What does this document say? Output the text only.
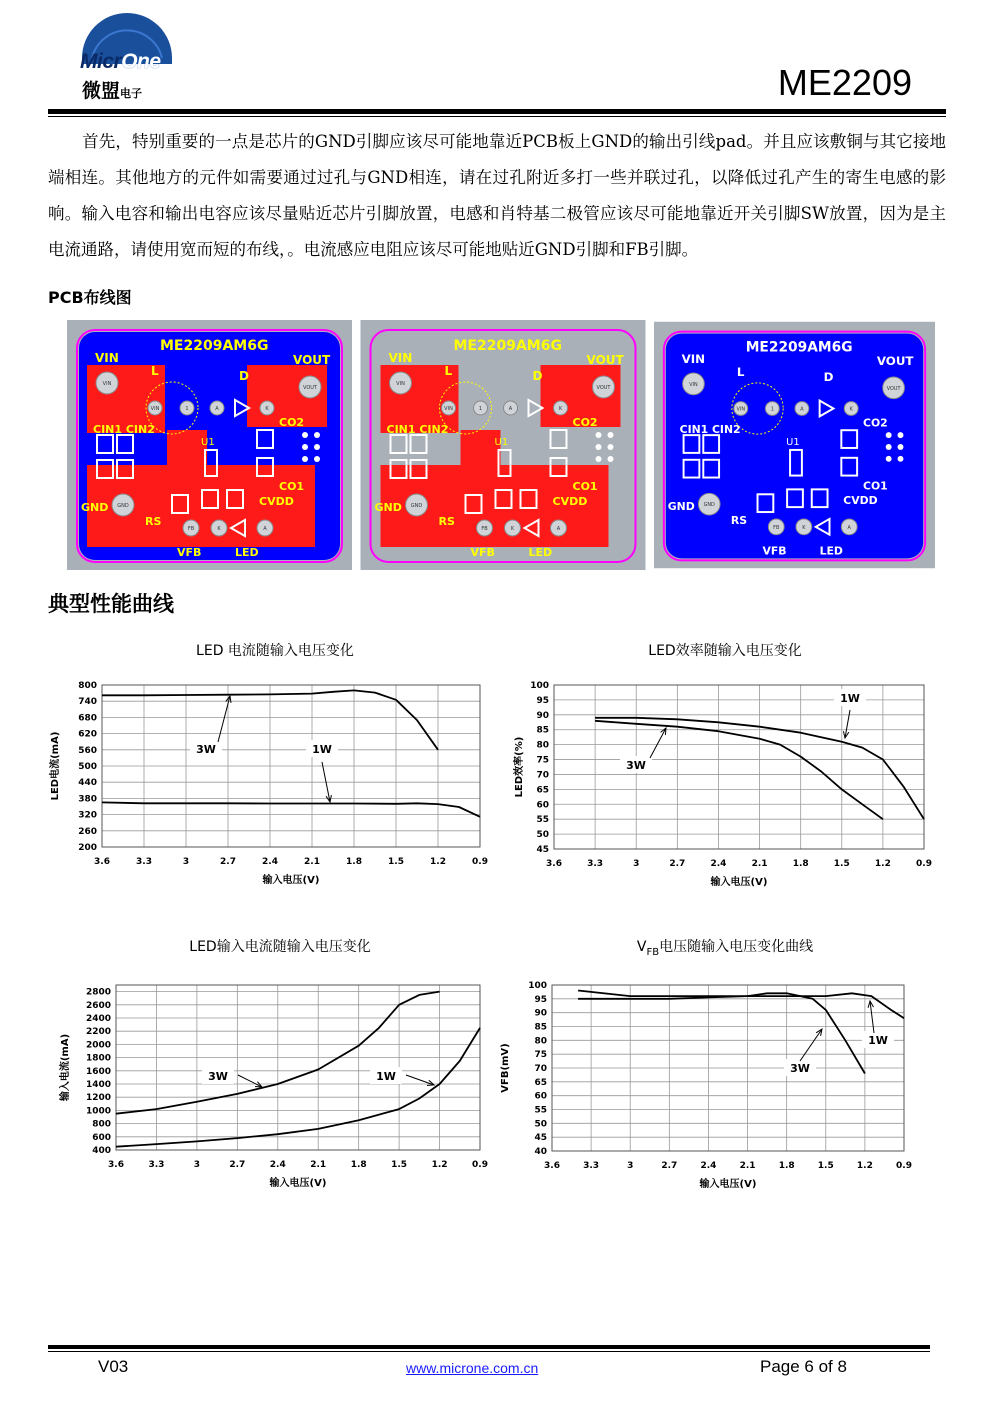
MicrOne
微盟电子	ME2209
首先，特别重要的一点是芯片的GND引脚应该尽可能地靠近PCB板上GND的输出引线pad。并且应该敷铜与其它接地端相连。其他地方的元件如需要通过过孔与GND相连，请在过孔附近多打一些并联过孔，以降低过孔产生的寄生电感的影响。输入电容和输出电容应该尽量贴近芯片引脚放置，电感和肖特基二极管应该尽可能地靠近开关引脚SW放置，因为是主电流通路，请使用宽而短的布线，。电流感应电阻应该尽可能地贴近GND引脚和FB引脚。
PCB布线图
ME2209AM6G
VIN	VOUT
L	D
CIN1 CIN2
CO2
CO1
U1
GND
RS
CVDD
VFB	LED
VIN
VOUT
GND
FB	K	A
VIN	1	A	K
ME2209AM6G
VIN	VOUT
L	D
CIN1 CIN2
CO2
CO1
U1
GND
RS
CVDD
VFB	LED
VIN
VOUT
GND
FB	K	A
VIN	1	A	K
ME2209AM6G
VIN	VOUT
L	D
CIN1 CIN2
CO2
CO1
U1
GND
RS
CVDD
VFB	LED
VIN
VOUT
GND
FB	K	A
VIN	1	A	K
典型性能曲线
LED 电流随输入电压变化	LED效率随输入电压变化
LED输入电流随输入电压变化	$V_{FB}$电压随输入电压变化曲线
800
740
680
620
560
500
440
380
320
260
200
3.6	3.3	3	2.7	2.4	2.1	1.8	1.5	1.2	0.9
输入电压(V)
LED电流(mA)	3W	1W
100
95
90
85
80
75
70
65
60
55
50
45
3.6	3.3	3	2.7	2.4	2.1	1.8	1.5	1.2	0.9
输入电压(V)
LED效率(%)
1W
3W
2800
2600
2400
2200
2000
1800
1600
1400
1200
1000
800
600
400
3.6	3.3	3	2.7	2.4	2.1	1.8	1.5	1.2	0.9
输入电压(V)
输入电流(mA)	3W	1W
100
95
90
85
80
75
70
65
60
55
50
45
40
3.6	3.3	3	2.7	2.4	2.1	1.8	1.5	1.2	0.9
输入电压(V)
VFB(mV)
1W
3W
V03	www.microne.com.cn	Page 6 of 8
